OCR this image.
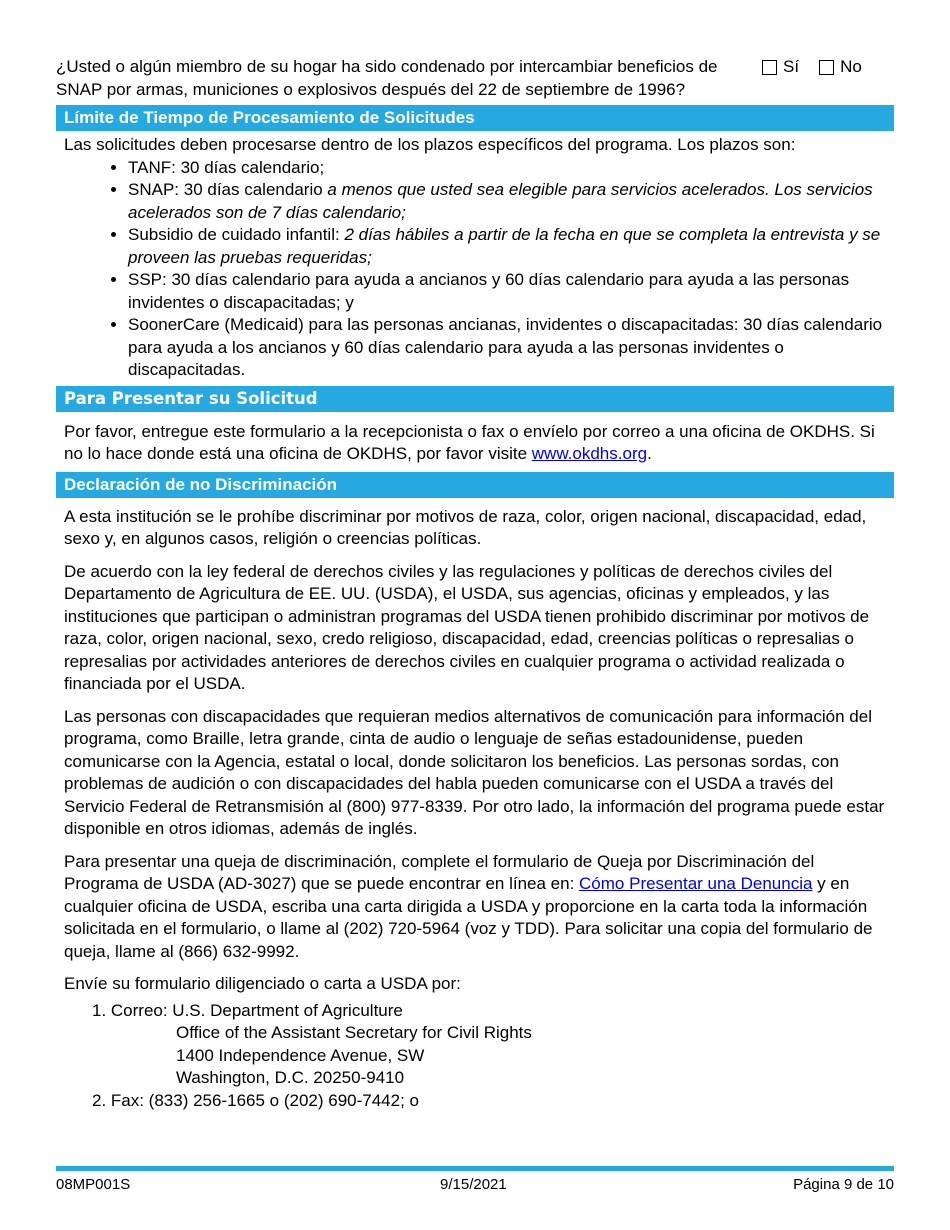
¿Usted o algún miembro de su hogar ha sido condenado por intercambiar beneficios de SNAP por armas, municiones o explosivos después del 22 de septiembre de 1996?
Sí No
Límite de Tiempo de Procesamiento de Solicitudes
Las solicitudes deben procesarse dentro de los plazos específicos del programa. Los plazos son:
• TANF: 30 días calendario;
• SNAP: 30 días calendario a menos que usted sea elegible para servicios acelerados. Los servicios acelerados son de 7 días calendario;
• Subsidio de cuidado infantil: 2 días hábiles a partir de la fecha en que se completa la entrevista y se proveen las pruebas requeridas;
• SSP: 30 días calendario para ayuda a ancianos y 60 días calendario para ayuda a las personas invidentes o discapacitadas; y
• SoonerCare (Medicaid) para las personas ancianas, invidentes o discapacitadas: 30 días calendario para ayuda a los ancianos y 60 días calendario para ayuda a las personas invidentes o discapacitadas.
Para Presentar su Solicitud
Por favor, entregue este formulario a la recepcionista o fax o envíelo por correo a una oficina de OKDHS. Si no lo hace donde está una oficina de OKDHS, por favor visite www.okdhs.org.
Declaración de no Discriminación
A esta institución se le prohíbe discriminar por motivos de raza, color, origen nacional, discapacidad, edad, sexo y, en algunos casos, religión o creencias políticas.
De acuerdo con la ley federal de derechos civiles y las regulaciones y políticas de derechos civiles del Departamento de Agricultura de EE. UU. (USDA), el USDA, sus agencias, oficinas y empleados, y las instituciones que participan o administran programas del USDA tienen prohibido discriminar por motivos de raza, color, origen nacional, sexo, credo religioso, discapacidad, edad, creencias políticas o represalias o represalias por actividades anteriores de derechos civiles en cualquier programa o actividad realizada o financiada por el USDA.
Las personas con discapacidades que requieran medios alternativos de comunicación para información del programa, como Braille, letra grande, cinta de audio o lenguaje de señas estadounidense, pueden comunicarse con la Agencia, estatal o local, donde solicitaron los beneficios. Las personas sordas, con problemas de audición o con discapacidades del habla pueden comunicarse con el USDA a través del Servicio Federal de Retransmisión al (800) 977-8339. Por otro lado, la información del programa puede estar disponible en otros idiomas, además de inglés.
Para presentar una queja de discriminación, complete el formulario de Queja por Discriminación del Programa de USDA (AD-3027) que se puede encontrar en línea en: Cómo Presentar una Denuncia y en cualquier oficina de USDA, escriba una carta dirigida a USDA y proporcione en la carta toda la información solicitada en el formulario, o llame al (202) 720-5964 (voz y TDD). Para solicitar una copia del formulario de queja, llame al (866) 632-9992.
Envíe su formulario diligenciado o carta a USDA por:
1. Correo: U.S. Department of Agriculture
Office of the Assistant Secretary for Civil Rights
1400 Independence Avenue, SW
Washington, D.C. 20250-9410
2. Fax: (833) 256-1665 o (202) 690-7442; o
08MP001S	9/15/2021	Página 9 de 10
